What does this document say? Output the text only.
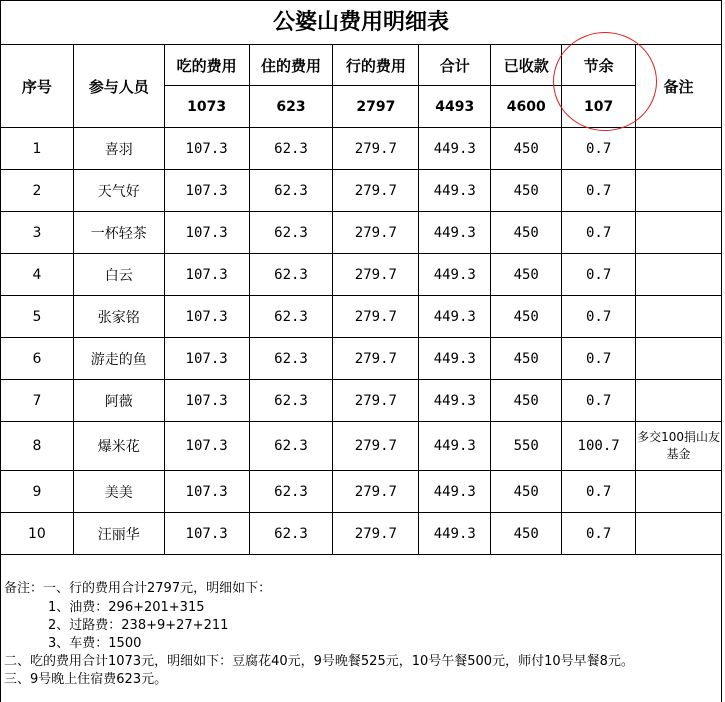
公婆山费用明细表
序号	参与人员	吃的费用	住的费用	行的费用	合计	已收款	节余	备注
		1073	623	2797	4493	4600	107	
1	喜羽	107.3	62.3	279.7	449.3	450	0.7	
2	天气好	107.3	62.3	279.7	449.3	450	0.7	
3	一杯轻茶	107.3	62.3	279.7	449.3	450	0.7	
4	白云	107.3	62.3	279.7	449.3	450	0.7	
5	张家铭	107.3	62.3	279.7	449.3	450	0.7	
6	游走的鱼	107.3	62.3	279.7	449.3	450	0.7	
7	阿薇	107.3	62.3	279.7	449.3	450	0.7	
8	爆米花	107.3	62.3	279.7	449.3	550	100.7	多交100捐山友基金
9	美美	107.3	62.3	279.7	449.3	450	0.7	
10	汪丽华	107.3	62.3	279.7	449.3	450	0.7	
备注：一、行的费用合计2797元，明细如下：
1、油费：296+201+315
2、过路费：238+9+27+211
3、车费：1500
二、吃的费用合计1073元，明细如下：豆腐花40元，9号晚餐525元，10号午餐500元，师付10号早餐8元。
三、9号晚上住宿费623元。
